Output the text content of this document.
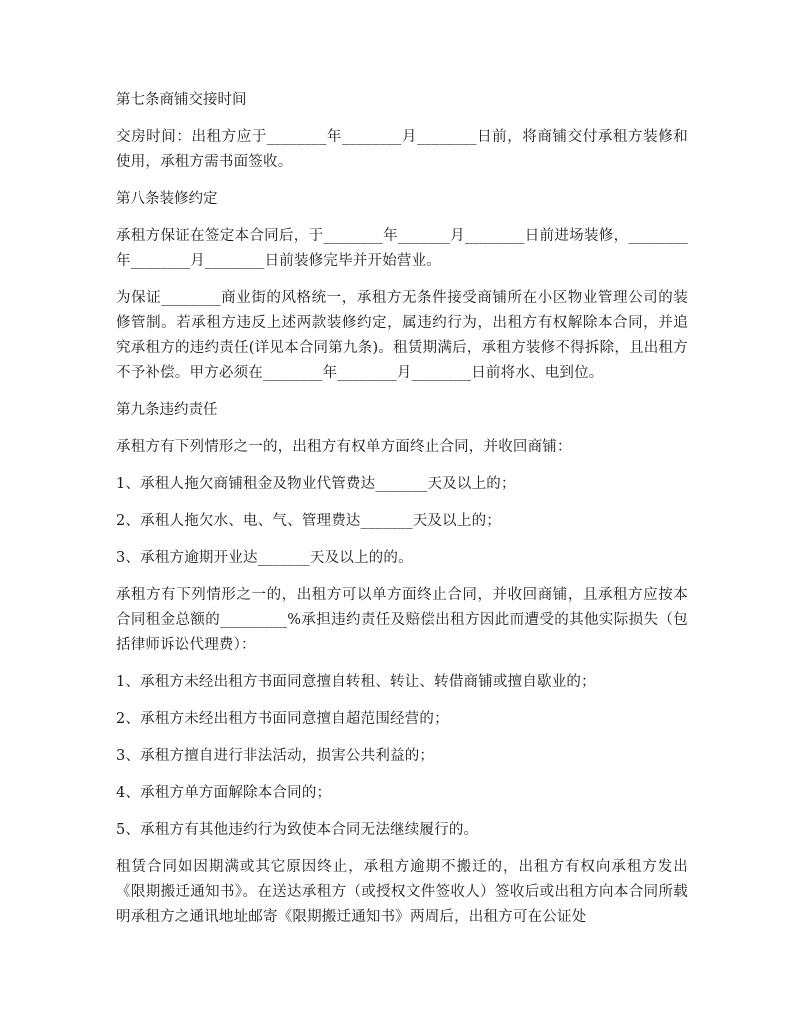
第七条商铺交接时间

交房时间：出租方应于________年________月________日前，将商铺交付承租方装修和使用，承租方需书面签收。

第八条装修约定

承租方保证在签定本合同后，于________年_______月________日前进场装修，________年________月________日前装修完毕并开始营业。

为保证________商业街的风格统一，承租方无条件接受商铺所在小区物业管理公司的装修管制。若承租方违反上述两款装修约定，属违约行为，出租方有权解除本合同，并追究承租方的违约责任(详见本合同第九条)。租赁期满后，承租方装修不得拆除，且出租方不予补偿。甲方必须在________年________月________日前将水、电到位。

第九条违约责任

承租方有下列情形之一的，出租方有权单方面终止合同，并收回商铺：

1、承租人拖欠商铺租金及物业代管费达_______天及以上的；

2、承租人拖欠水、电、气、管理费达_______天及以上的；

3、承租方逾期开业达_______天及以上的的。

承租方有下列情形之一的，出租方可以单方面终止合同，并收回商铺，且承租方应按本合同租金总额的_________%承担违约责任及赔偿出租方因此而遭受的其他实际损失（包括律师诉讼代理费）：

1、承租方未经出租方书面同意擅自转租、转让、转借商铺或擅自歇业的；

2、承租方未经出租方书面同意擅自超范围经营的；

3、承租方擅自进行非法活动，损害公共利益的；

4、承租方单方面解除本合同的；

5、承租方有其他违约行为致使本合同无法继续履行的。

租赁合同如因期满或其它原因终止，承租方逾期不搬迁的，出租方有权向承租方发出《限期搬迁通知书》。在送达承租方（或授权文件签收人）签收后或出租方向本合同所载明承租方之通讯地址邮寄《限期搬迁通知书》两周后，出租方可在公证处
